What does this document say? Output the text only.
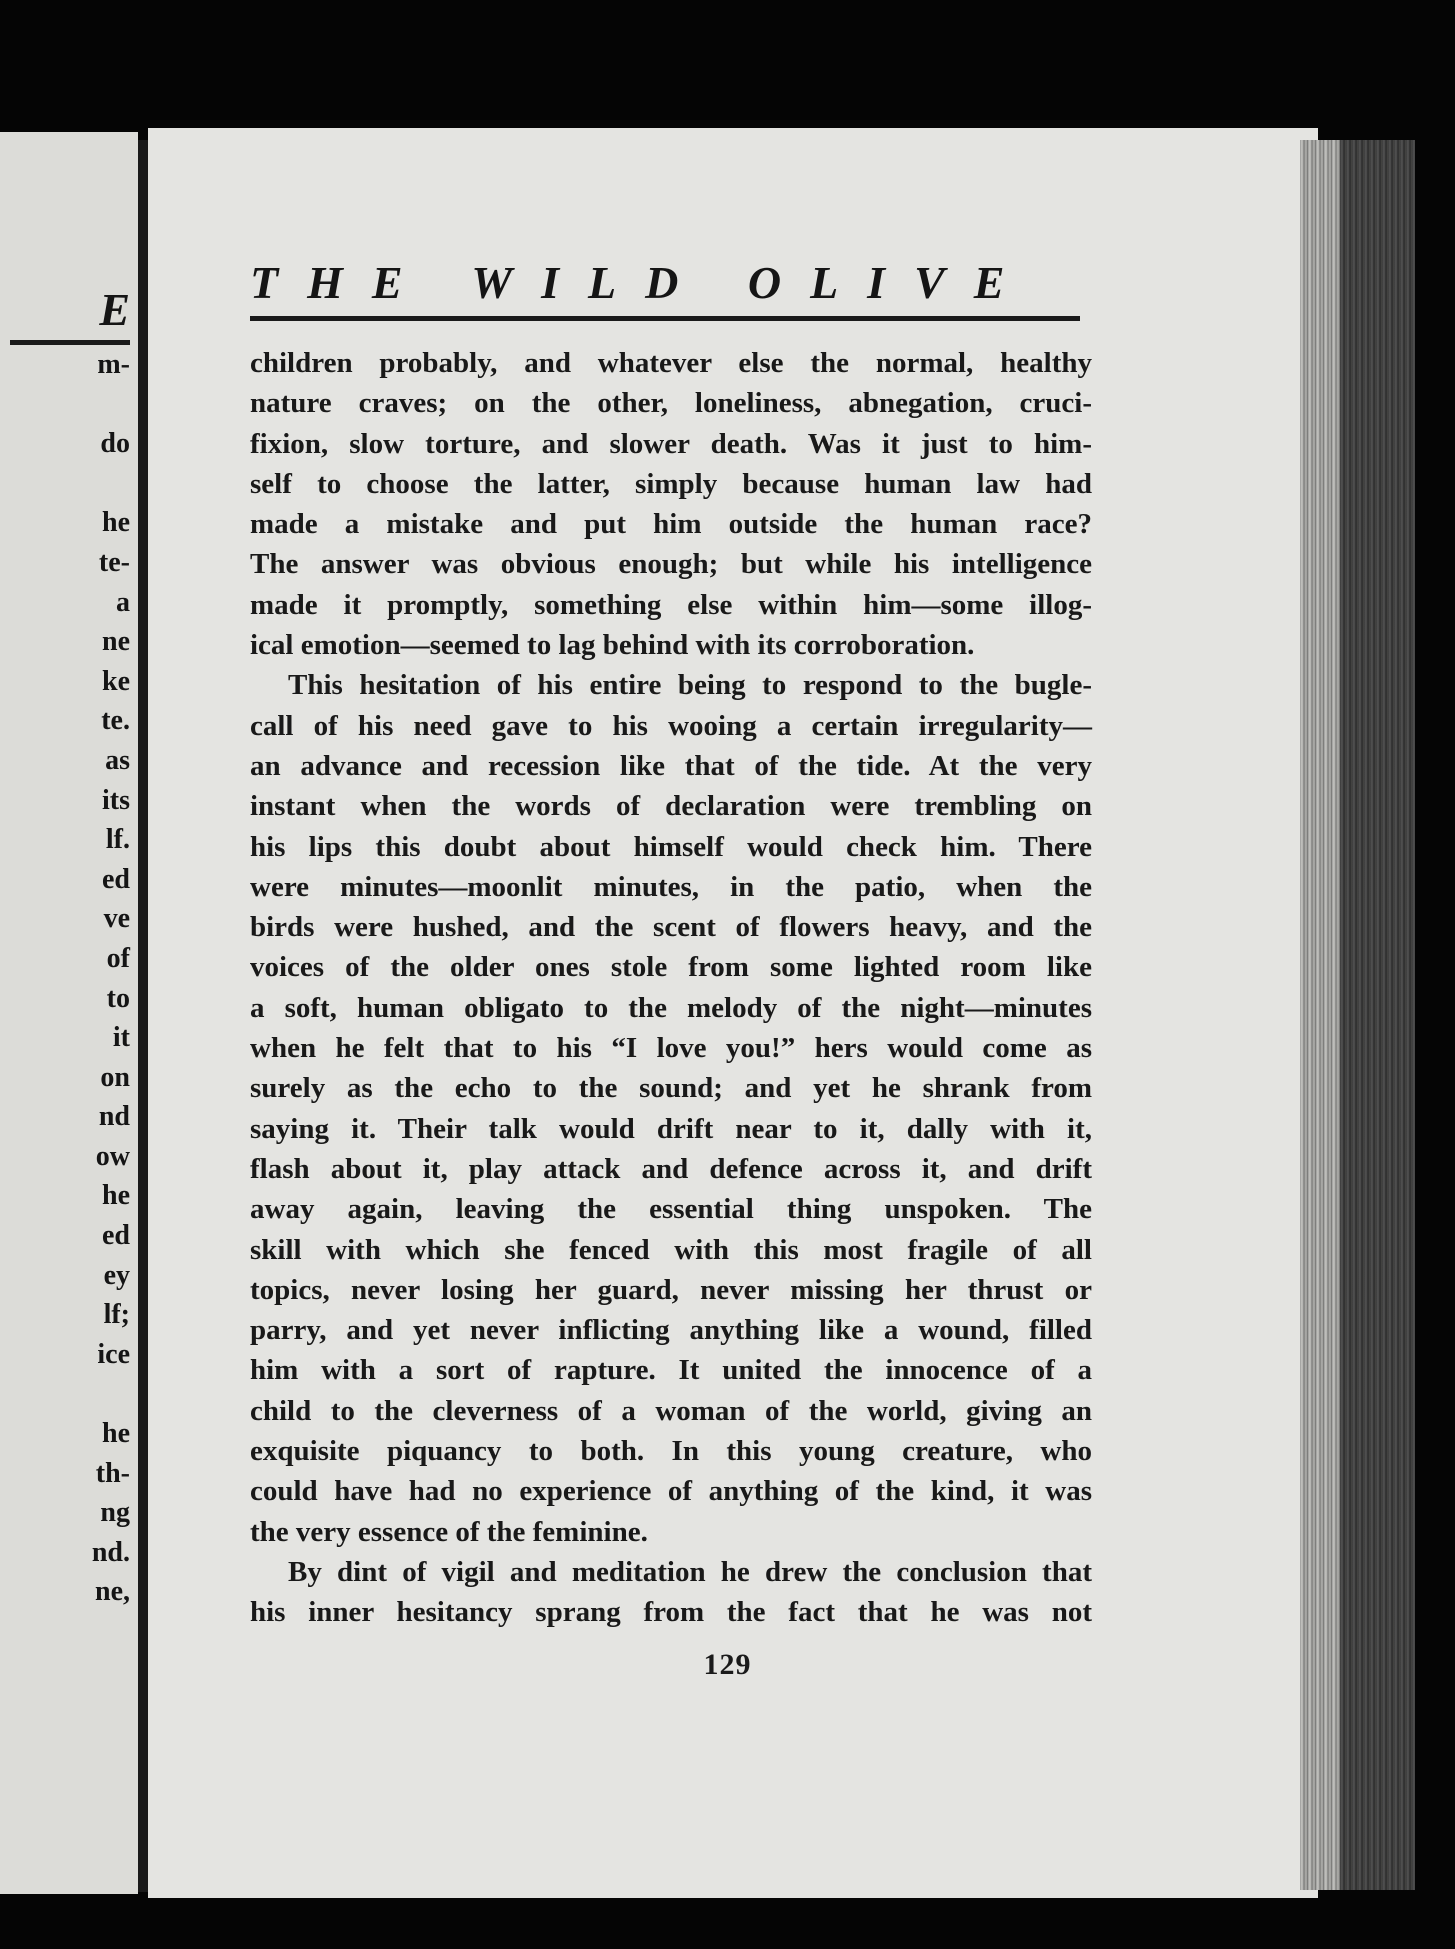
E
m-
do
he
te-
a
ne
ke
te.
as
its
lf.
ed
ve
of
to
it
on
nd
ow
he
ed
ey
lf;
ice
he
th-
ng
nd.
ne,
THE WILD OLIVE
children probably, and whatever else the normal, healthy
nature craves; on the other, loneliness, abnegation, cruci-
fixion, slow torture, and slower death. Was it just to him-
self to choose the latter, simply because human law had
made a mistake and put him outside the human race?
The answer was obvious enough; but while his intelligence
made it promptly, something else within him—some illog-
ical emotion—seemed to lag behind with its corroboration.
This hesitation of his entire being to respond to the bugle-
call of his need gave to his wooing a certain irregularity—
an advance and recession like that of the tide. At the very
instant when the words of declaration were trembling on
his lips this doubt about himself would check him. There
were minutes—moonlit minutes, in the patio, when the
birds were hushed, and the scent of flowers heavy, and the
voices of the older ones stole from some lighted room like
a soft, human obligato to the melody of the night—minutes
when he felt that to his “I love you!” hers would come as
surely as the echo to the sound; and yet he shrank from
saying it. Their talk would drift near to it, dally with it,
flash about it, play attack and defence across it, and drift
away again, leaving the essential thing unspoken. The
skill with which she fenced with this most fragile of all
topics, never losing her guard, never missing her thrust or
parry, and yet never inflicting anything like a wound, filled
him with a sort of rapture. It united the innocence of a
child to the cleverness of a woman of the world, giving an
exquisite piquancy to both. In this young creature, who
could have had no experience of anything of the kind, it was
the very essence of the feminine.
By dint of vigil and meditation he drew the conclusion that
his inner hesitancy sprang from the fact that he was not
129
